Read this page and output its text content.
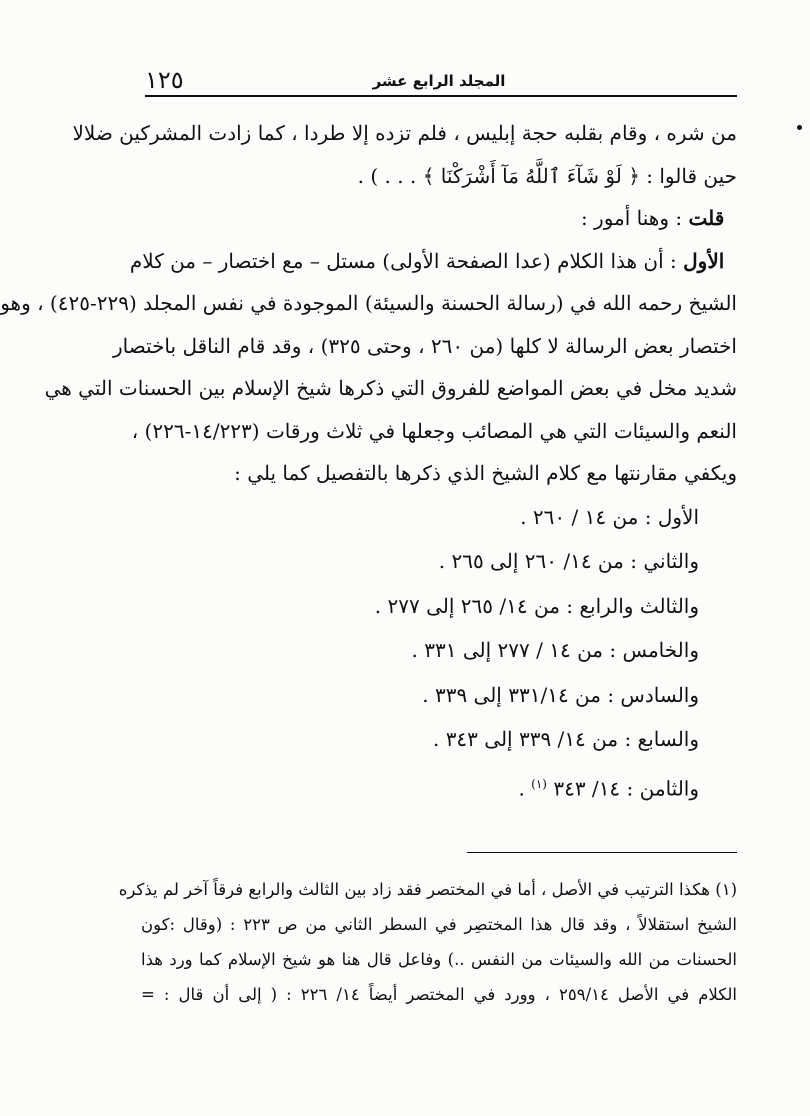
١٢٥	المجلد الرابع عشر
من شره ، وقام بقلبه حجة إبليس ، فلم تزده إلا طردا ، كما زادت المشركين ضلالا
حين قالوا : ﴿ لَوْ شَآءَ ٱللَّهُ مَآ أَشْرَكْنَا ﴾ . . . ) .
قلت : وهنا أمور :
الأول : أن هذا الكلام (عدا الصفحة الأولى) مستل – مع اختصار – من كلام
الشيخ رحمه الله في (رسالة الحسنة والسيئة) الموجودة في نفس المجلد (٢٢٩-٤٢٥) ، وهو
اختصار بعض الرسالة لا كلها (من ٢٦٠ ، وحتى ٣٢٥) ، وقد قام الناقل باختصار
شديد مخل في بعض المواضع للفروق التي ذكرها شيخ الإسلام بين الحسنات التي هي
النعم والسيئات التي هي المصائب وجعلها في ثلاث ورقات (١٤/٢٢٣-٢٢٦) ،
ويكفي مقارنتها مع كلام الشيخ الذي ذكرها بالتفصيل كما يلي :
الأول : من ١٤ / ٢٦٠ .
والثاني : من ١٤/ ٢٦٠ إلى ٢٦٥ .
والثالث والرابع : من ١٤/ ٢٦٥ إلى ٢٧٧ .
والخامس : من ١٤ / ٢٧٧ إلى ٣٣١ .
والسادس : من ٣٣١/١٤ إلى ٣٣٩ .
والسابع : من ١٤/ ٣٣٩ إلى ٣٤٣ .
والثامن : ١٤/ ٣٤٣ $^{(١)}$ .
(١) هكذا الترتيب في الأصل ، أما في المختصر فقد زاد بين الثالث والرابع فرقاً آخر لم يذكره
الشيخ استقلالاً ، وقد قال هذا المختصِر في السطر الثاني من ص ٢٢٣ : (وقال :كون
الحسنات من الله والسيئات من النفس ..) وفاعل قال هنا هو شيخ الإسلام كما ورد هذا
الكلام في الأصل ٢٥٩/١٤ ، وورد في المختصر أيضاً ١٤/ ٢٢٦ : ( إلى أن قال : =
